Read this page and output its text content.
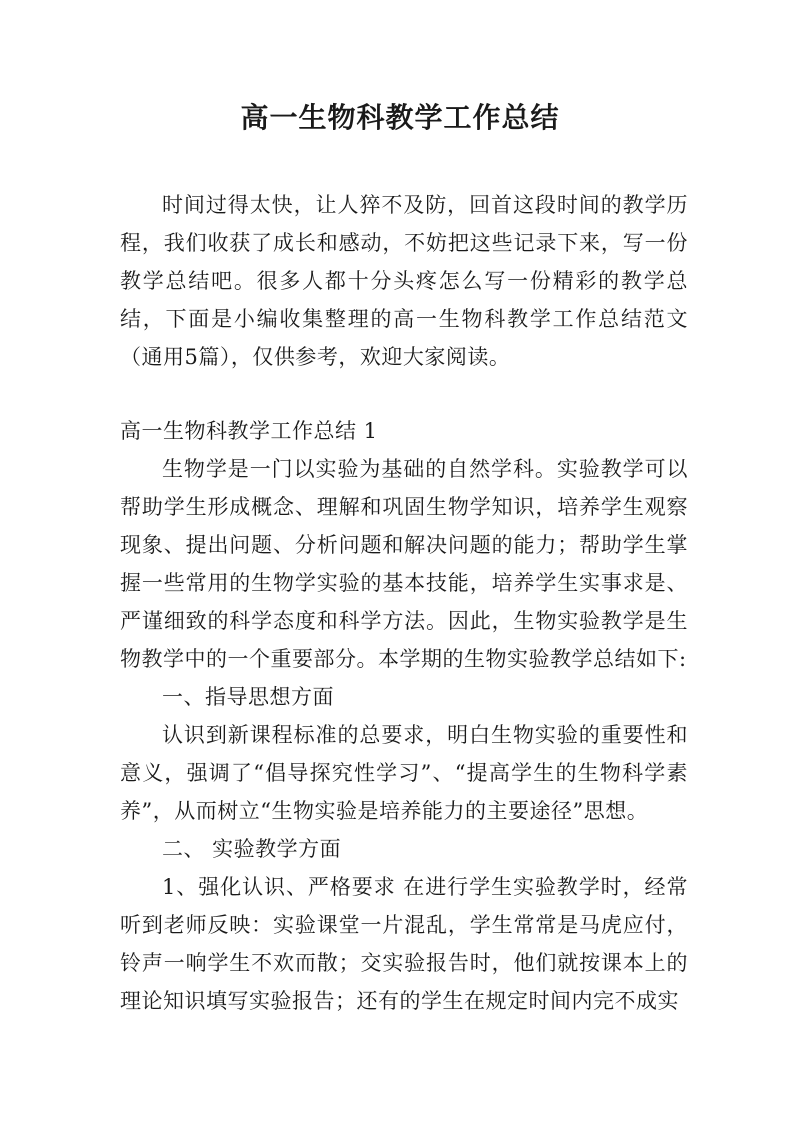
高一生物科教学工作总结

时间过得太快，让人猝不及防，回首这段时间的教学历程，我们收获了成长和感动，不妨把这些记录下来，写一份教学总结吧。很多人都十分头疼怎么写一份精彩的教学总结，下面是小编收集整理的高一生物科教学工作总结范文（通用5篇），仅供参考，欢迎大家阅读。

高一生物科教学工作总结 1

生物学是一门以实验为基础的自然学科。实验教学可以帮助学生形成概念、理解和巩固生物学知识，培养学生观察现象、提出问题、分析问题和解决问题的能力；帮助学生掌握一些常用的生物学实验的基本技能，培养学生实事求是、严谨细致的科学态度和科学方法。因此，生物实验教学是生物教学中的一个重要部分。本学期的生物实验教学总结如下:

一、指导思想方面

认识到新课程标准的总要求，明白生物实验的重要性和意义，强调了“倡导探究性学习”、“提高学生的生物科学素养”，从而树立“生物实验是培养能力的主要途径”思想。

二、 实验教学方面

1、强化认识、严格要求 在进行学生实验教学时，经常听到老师反映：实验课堂一片混乱，学生常常是马虎应付，铃声一响学生不欢而散；交实验报告时，他们就按课本上的理论知识填写实验报告；还有的学生在规定时间内完不成实
